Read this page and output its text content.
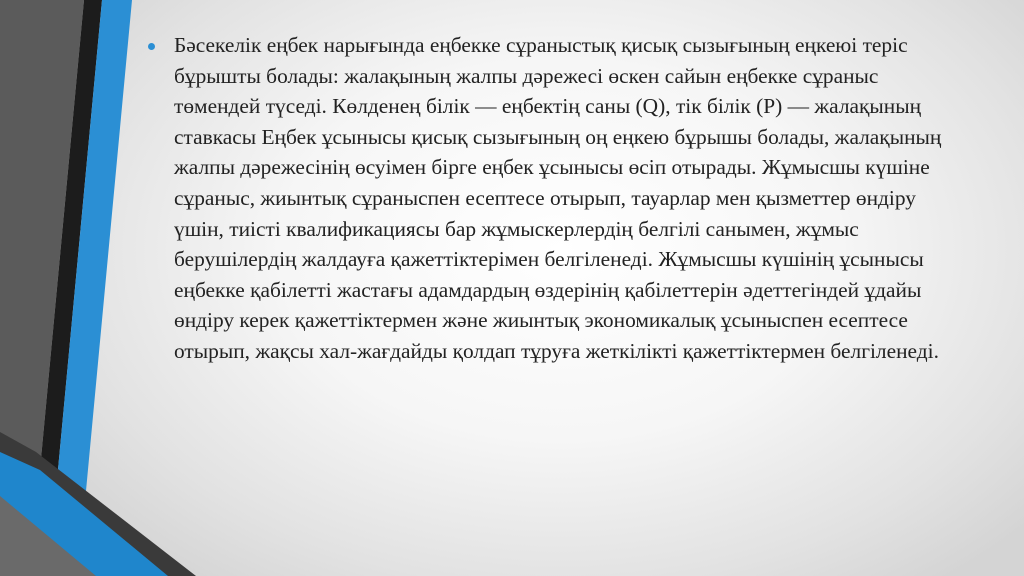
Бәсекелік еңбек нарығында еңбекке сұраныстық қисық сызығының еңкеюі теріс бұрышты болады: жалақының жалпы дәрежесі өскен сайын еңбекке сұраныс төмендей түседі. Көлденең білік — еңбектің саны (Q), тік білік (Р) — жалақының ставкасы Еңбек ұсынысы қисық сызығының оң еңкею бұрышы болады, жалақының жалпы дәрежесінің өсуімен бірге еңбек ұсынысы өсіп отырады. Жұмысшы күшіне сұраныс, жиынтық сұраныспен есептесе отырып, тауарлар мен қызметтер өндіру үшін, тиісті квалификациясы бар жұмыскерлердің белгілі санымен, жұмыс берушілердің жалдауға қажеттіктерімен белгіленеді. Жұмысшы күшінің ұсынысы еңбекке қабілетті жастағы адамдардың өздерінің қабілеттерін әдеттегіндей ұдайы өндіру керек қажеттіктермен және жиынтық экономикалық ұсыныспен есептесе отырып, жақсы хал-жағдайды қолдап тұруға жеткілікті қажеттіктермен белгіленеді.
